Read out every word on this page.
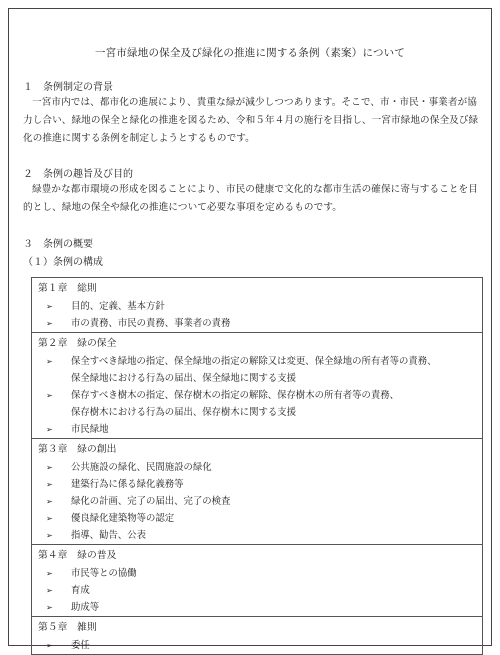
一宮市緑地の保全及び緑化の推進に関する条例（素案）について
１　条例制定の背景
一宮市内では、都市化の進展により、貴重な緑が減少しつつあります。そこで、市・市民・事業者が協力し合い、緑地の保全と緑化の推進を図るため、令和５年４月の施行を目指し、一宮市緑地の保全及び緑化の推進に関する条例を制定しようとするものです。
２　条例の趣旨及び目的
緑豊かな都市環境の形成を図ることにより、市民の健康で文化的な都市生活の確保に寄与することを目的とし、緑地の保全や緑化の推進について必要な事項を定めるものです。
３　条例の概要
（１）条例の構成
第１章　総則
➢ 目的、定義、基本方針
➢ 市の責務、市民の責務、事業者の責務
第２章　緑の保全
➢ 保全すべき緑地の指定、保全緑地の指定の解除又は変更、保全緑地の所有者等の責務、
保全緑地における行為の届出、保全緑地に関する支援
➢ 保存すべき樹木の指定、保存樹木の指定の解除、保存樹木の所有者等の責務、
保存樹木における行為の届出、保存樹木に関する支援
➢ 市民緑地
第３章　緑の創出
➢ 公共施設の緑化、民間施設の緑化
➢ 建築行為に係る緑化義務等
➢ 緑化の計画、完了の届出、完了の検査
➢ 優良緑化建築物等の認定
➢ 指導、勧告、公表
第４章　緑の普及
➢ 市民等との協働
➢ 育成
➢ 助成等
第５章　雑則
➢ 委任
